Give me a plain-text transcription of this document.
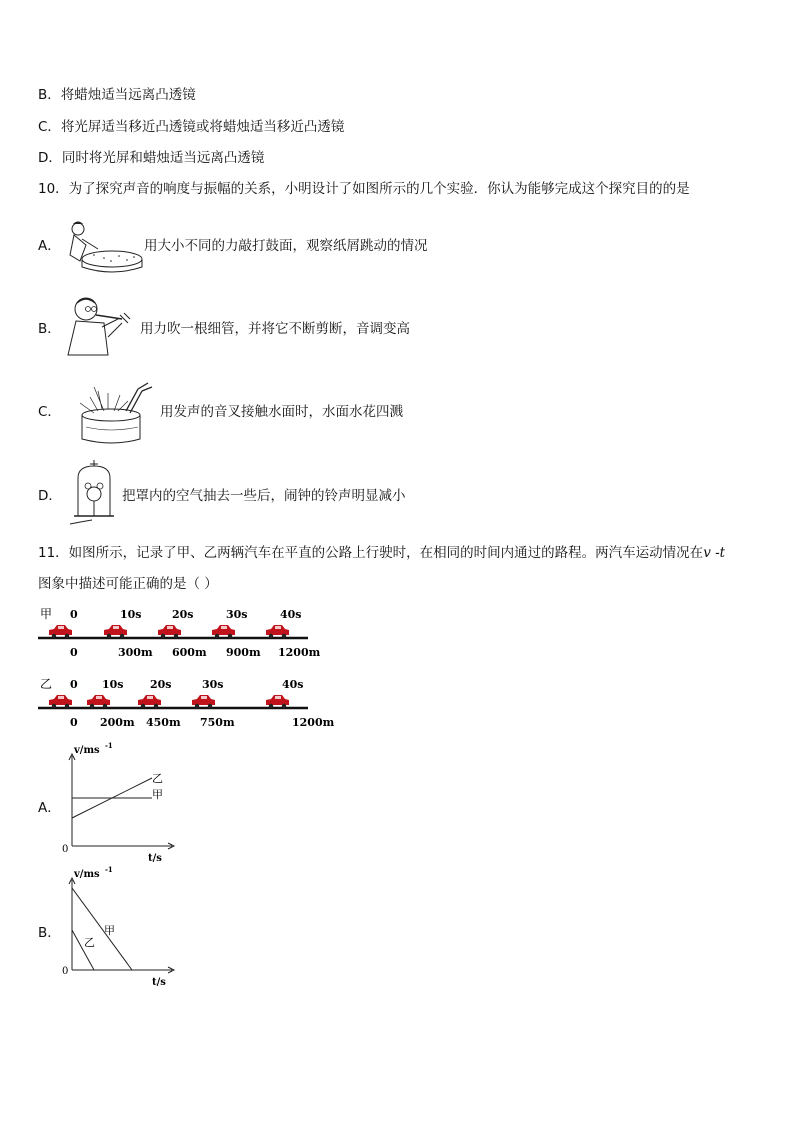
B．将蜡烛适当远离凸透镜
C．将光屏适当移近凸透镜或将蜡烛适当移近凸透镜
D．同时将光屏和蜡烛适当远离凸透镜
10．为了探究声音的响度与振幅的关系，小明设计了如图所示的几个实验．你认为能够完成这个探究目的的是
A．	用大小不同的力敲打鼓面，观察纸屑跳动的情况
B．	用力吹一根细管，并将它不断剪断，音调变高
C．	用发声的音叉接触水面时，水面水花四溅
D．	把罩内的空气抽去一些后，闹钟的铃声明显减小
11．如图所示，记录了甲、乙两辆汽车在平直的公路上行驶时，在相同的时间内通过的路程。两汽车运动情况在v -t
图象中描述可能正确的是（ ）
甲 0	10s	20s	30s	40s
0	300m 600m 900m 1200m
乙 0 10s 20s	30s	40s
0 200m 450m 750m	1200m
A．
v/ms -1
t/s
0
乙
甲
B．
v/ms -1
t/s
0
乙
甲
